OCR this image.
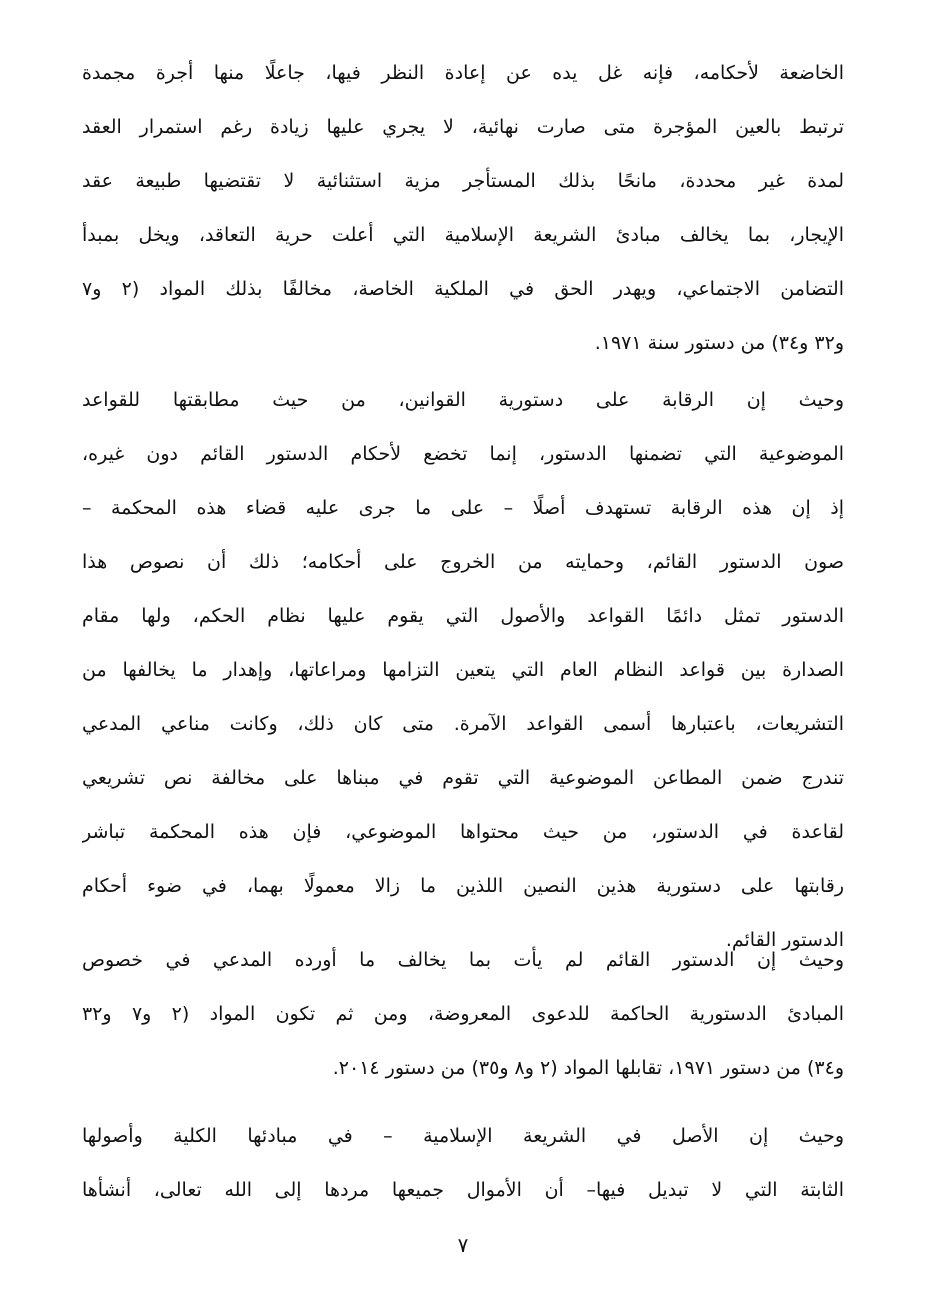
الخاضعة لأحكامه، فإنه غل يده عن إعادة النظر فيها، جاعلًا منها أجرة مجمدة
ترتبط بالعين المؤجرة متى صارت نهائية، لا يجري عليها زيادة رغم استمرار العقد
لمدة غير محددة، مانحًا بذلك المستأجر مزية استثنائية لا تقتضيها طبيعة عقد
الإيجار، بما يخالف مبادئ الشريعة الإسلامية التي أعلت حرية التعاقد، ويخل بمبدأ
التضامن الاجتماعي، ويهدر الحق في الملكية الخاصة، مخالفًا بذلك المواد (٢ و٧
و٣٢ و٣٤) من دستور سنة ١٩٧١.
وحيث إن الرقابة على دستورية القوانين، من حيث مطابقتها للقواعد
الموضوعية التي تضمنها الدستور، إنما تخضع لأحكام الدستور القائم دون غيره،
إذ إن هذه الرقابة تستهدف أصلًا – على ما جرى عليه قضاء هذه المحكمة –
صون الدستور القائم، وحمايته من الخروج على أحكامه؛ ذلك أن نصوص هذا
الدستور تمثل دائمًا القواعد والأصول التي يقوم عليها نظام الحكم، ولها مقام
الصدارة بين قواعد النظام العام التي يتعين التزامها ومراعاتها، وإهدار ما يخالفها من
التشريعات، باعتبارها أسمى القواعد الآمرة. متى كان ذلك، وكانت مناعي المدعي
تندرج ضمن المطاعن الموضوعية التي تقوم في مبناها على مخالفة نص تشريعي
لقاعدة في الدستور، من حيث محتواها الموضوعي، فإن هذه المحكمة تباشر
رقابتها على دستورية هذين النصين اللذين ما زالا معمولًا بهما، في ضوء أحكام
الدستور القائم.
وحيث إن الدستور القائم لم يأت بما يخالف ما أورده المدعي في خصوص
المبادئ الدستورية الحاكمة للدعوى المعروضة، ومن ثم تكون المواد (٢ و٧ و٣٢
و٣٤) من دستور ١٩٧١، تقابلها المواد (٢ و٨ و٣٥) من دستور ٢٠١٤.
وحيث إن الأصل في الشريعة الإسلامية – في مبادئها الكلية وأصولها
الثابتة التي لا تبديل فيها– أن الأموال جميعها مردها إلى الله تعالى، أنشأها
٧
